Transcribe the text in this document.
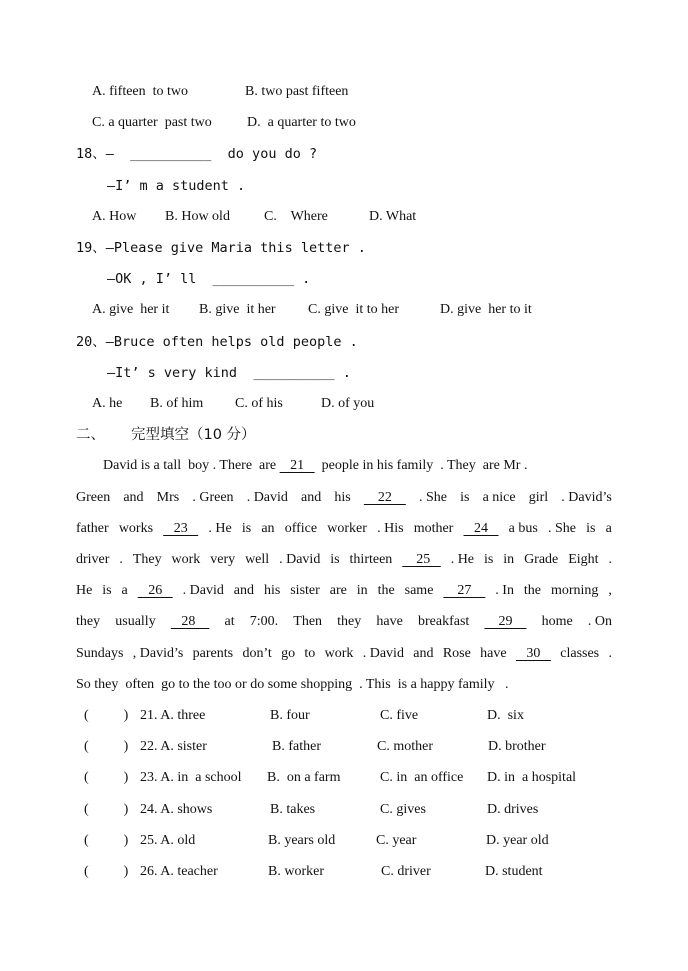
A. fifteen  to two	B. two past fifteen
C. a quarter  past two	D.  a quarter to two
18、—  __________  do you do ?
—I’ m a student .
A. How B. How old C.    Where	D. What
19、—Please give Maria this letter .
—OK , I’ ll  __________ .
A. give  her it B. give  it her C. give  it to her	D. give  her to it
20、—Bruce often helps old people .
—It’ s very kind  __________ .
A. he B. of him C. of his	D. of you
二、 完型填空（10 分）
David is a tall  boy . There  are    21     people in his family  . They  are Mr .
Green and Mrs . Green . David and his 22 . She is a nice girl . David’s
father works 23 . He is an office worker . His mother 24 a bus . She is a
driver . They work very well . David is thirteen 25 . He is in Grade Eight .
He is a 26 . David and his sister are in the same 27 . In the morning ,
they usually 28 at 7:00. Then they have breakfast 29 home . On
Sundays , David’s parents don’t go to work . David and Rose have 30 classes .
So they  often  go to the too or do some shopping  . This  is a happy family   .
(          ) 21. A. three	B. four	C. five	D.  six
(          ) 22. A. sister	B. father	C. mother	D. brother
(          ) 23. A. in  a school B.  on a farm	C. in  an office D. in  a hospital
(          ) 24. A. shows	B. takes	C. gives	D. drives
(          ) 25. A. old	B. years old	C. year	D. year old
(          ) 26. A. teacher	B. worker	C. driver	D. student
